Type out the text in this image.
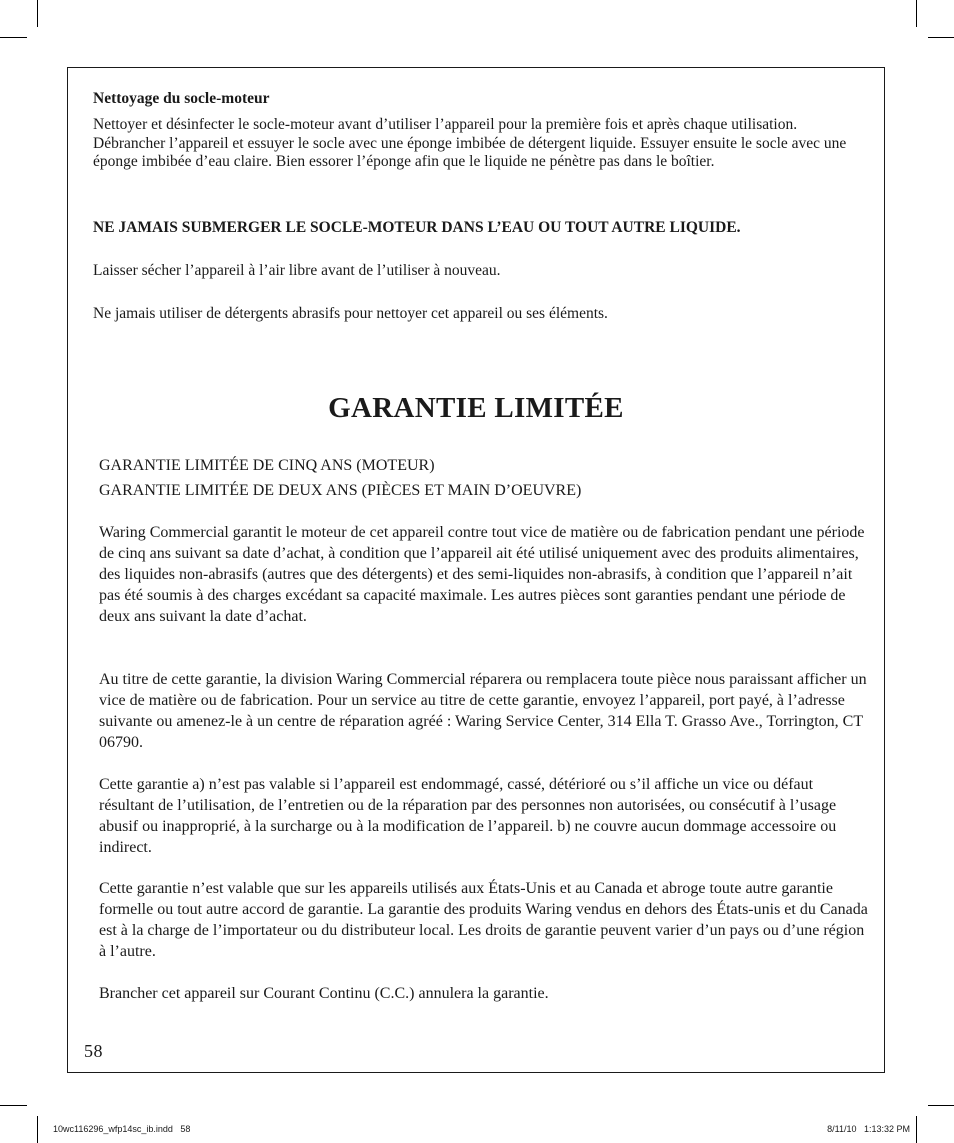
Nettoyage du socle-moteur
Nettoyer et désinfecter le socle-moteur avant d’utiliser l’appareil pour la première fois et après chaque utilisation. Débrancher l’appareil et essuyer le socle avec une éponge imbibée de détergent liquide. Essuyer ensuite le socle avec une éponge imbibée d’eau claire. Bien essorer l’éponge afin que le liquide ne pénètre pas dans le boîtier.
NE JAMAIS SUBMERGER LE SOCLE-MOTEUR DANS L’EAU OU TOUT AUTRE LIQUIDE.
Laisser sécher l’appareil à l’air libre avant de l’utiliser à nouveau.
Ne jamais utiliser de détergents abrasifs pour nettoyer cet appareil ou ses éléments.
GARANTIE LIMITÉE
GARANTIE LIMITÉE DE CINQ ANS (MOTEUR)
GARANTIE LIMITÉE DE DEUX ANS (PIÈCES ET MAIN D’OEUVRE)
Waring Commercial garantit le moteur de cet appareil contre tout vice de matière ou de fabrication pendant une période de cinq ans suivant sa date d’achat, à condition que l’appareil ait été utilisé uniquement avec des produits alimentaires, des liquides non-abrasifs (autres que des détergents) et des semi-liquides non-abrasifs, à condition que l’appareil n’ait pas été soumis à des charges excédant sa capacité maximale. Les autres pièces sont garanties pendant une période de deux ans suivant la date d’achat.
Au titre de cette garantie, la division Waring Commercial réparera ou remplacera toute pièce nous paraissant afficher un vice de matière ou de fabrication. Pour un service au titre de cette garantie, envoyez l’appareil, port payé, à l’adresse suivante ou amenez-le à un centre de réparation agréé : Waring Service Center, 314 Ella T. Grasso Ave., Torrington, CT 06790.
Cette garantie a) n’est pas valable si l’appareil est endommagé, cassé, détérioré ou s’il affiche un vice ou défaut résultant de l’utilisation, de l’entretien ou de la réparation par des personnes non autorisées, ou consécutif à l’usage abusif ou inapproprié, à la surcharge ou à la modification de l’appareil. b) ne couvre aucun dommage accessoire ou indirect.
Cette garantie n’est valable que sur les appareils utilisés aux États-Unis et au Canada et abroge toute autre garantie formelle ou tout autre accord de garantie. La garantie des produits Waring vendus en dehors des États-unis et du Canada est à la charge de l’importateur ou du distributeur local. Les droits de garantie peuvent varier d’un pays ou d’une région à l’autre.
Brancher cet appareil sur Courant Continu (C.C.) annulera la garantie.
58
10wc116296_wfp14sc_ib.indd   58	8/11/10   1:13:32 PM
